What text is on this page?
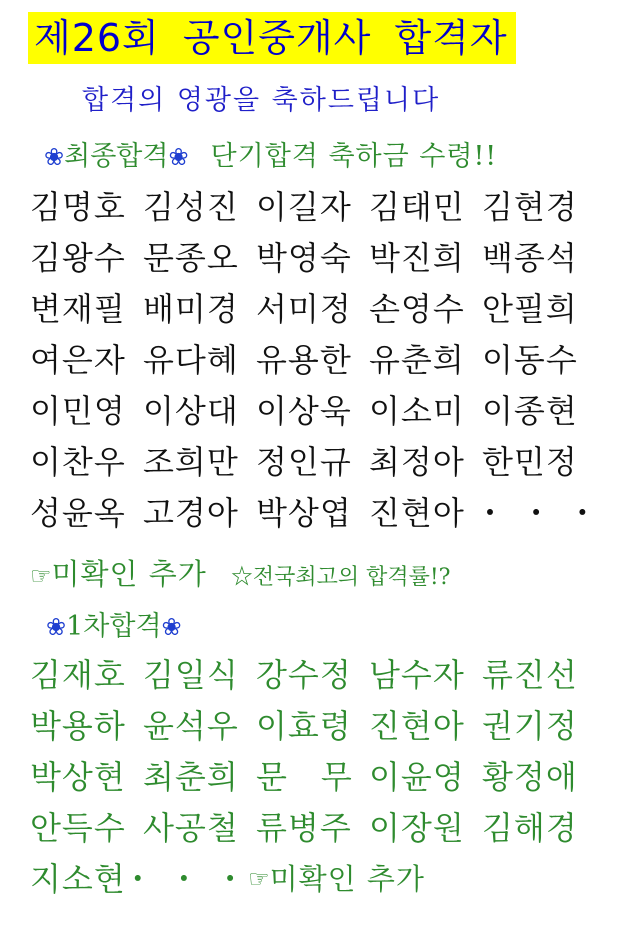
제26회 공인중개사 합격자
합격의 영광을 축하드립니다
❀최종합격❀ 단기합격 축하금 수령!!
김명호 김성진 이길자 김태민 김현경
김왕수 문종오 박영숙 박진희 백종석
변재필 배미경 서미정 손영수 안필희
여은자 유다혜 유용한 유춘희 이동수
이민영 이상대 이상욱 이소미 이종현
이찬우 조희만 정인규 최정아 한민정
성윤옥 고경아 박상엽 진현아 ･ ･ ･
☞미확인 추가 ☆전국최고의 합격률!?
❀1차합격❀
김재호 김일식 강수정 남수자 류진선
박용하 윤석우 이효령 진현아 권기정
박상현 최춘희 문　무 이윤영 황정애
안득수 사공철 류병주 이장원 김해경
지소현 ･ ･ ･ ☞ 미확인 추가
